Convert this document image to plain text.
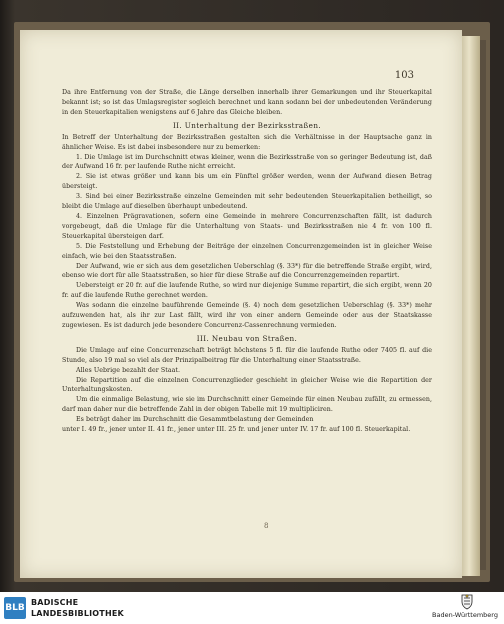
103

Da ihre Entfernung von der Straße, die Länge derselben innerhalb ihrer Gemarkungen und ihr Steuerkapital bekannt ist; so ist das Umlagsregister sogleich berechnet und kann sodann bei der unbedeutenden Veränderung in den Steuerkapitalien wenigstens auf 6 Jahre das Gleiche bleiben.

II. Unterhaltung der Bezirksstraßen.

In Betreff der Unterhaltung der Bezirksstraßen gestalten sich die Verhältnisse in der Hauptsache ganz in ähnlicher Weise. Es ist dabei insbesondere nur zu bemerken:

1. Die Umlage ist im Durchschnitt etwas kleiner, wenn die Bezirksstraße von so geringer Bedeutung ist, daß der Aufwand 16 fr. per laufende Ruthe nicht erreicht.

2. Sie ist etwas größer und kann bis um ein Fünftel größer werden, wenn der Aufwand diesen Betrag übersteigt.

3. Sind bei einer Bezirksstraße einzelne Gemeinden mit sehr bedeutenden Steuerkapitalien betheiligt, so bleibt die Umlage auf dieselben überhaupt unbedeutend.

4. Einzelnen Prägravationen, sofern eine Gemeinde in mehrere Concurrenzschaften fällt, ist dadurch vorgebeugt, daß die Umlage für die Unterhaltung von Staats- und Bezirksstraßen nie 4 fr. von 100 fl. Steuerkapital übersteigen darf.

5. Die Feststellung und Erhebung der Beiträge der einzelnen Concurrenzgemeinden ist in gleicher Weise einfach, wie bei den Staatsstraßen.

Der Aufwand, wie er sich aus dem gesetzlichen Ueberschlag (§. 33*) für die betreffende Straße ergibt, wird, ebenso wie dort für alle Staatsstraßen, so hier für diese Straße auf die Concurrenzgemeinden repartirt.

Uebersteigt er 20 fr. auf die laufende Ruthe, so wird nur diejenige Summe repartirt, die sich ergibt, wenn 20 fr. auf die laufende Ruthe gerechnet werden.

Was sodann die einzelne bauführende Gemeinde (§. 4) noch dem gesetzlichen Ueberschlag (§. 33*) mehr aufzuwenden hat, als ihr zur Last fällt, wird ihr von einer andern Gemeinde oder aus der Staatskasse zugewiesen. Es ist dadurch jede besondere Concurrenz-Cassenrechnung vermieden.

III. Neubau von Straßen.

Die Umlage auf eine Concurrenzschaft beträgt höchstens 5 fl. für die laufende Ruthe oder 7405 fl. auf die Stunde, also 19 mal so viel als der Prinzipalbeitrag für die Unterhaltung einer Staatsstraße.

Alles Uebrige bezahlt der Staat.

Die Repartition auf die einzelnen Concurrenzglieder geschieht in gleicher Weise wie die Repartition der Unterhaltungskosten.

Um die einmalige Belastung, wie sie im Durchschnitt einer Gemeinde für einen Neubau zufällt, zu ermessen, darf man daher nur die betreffende Zahl in der obigen Tabelle mit 19 multipliciren.

Es beträgt daher im Durchschnitt die Gesammtbelastung der Gemeinden

unter I. 49 fr., jener unter II. 41 fr., jener unter III. 25 fr. und jener unter IV. 17 fr. auf 100 fl. Steuerkapital.

8
BLB
BADISCHE
LANDESBIBLIOTHEK	Baden-Württemberg
